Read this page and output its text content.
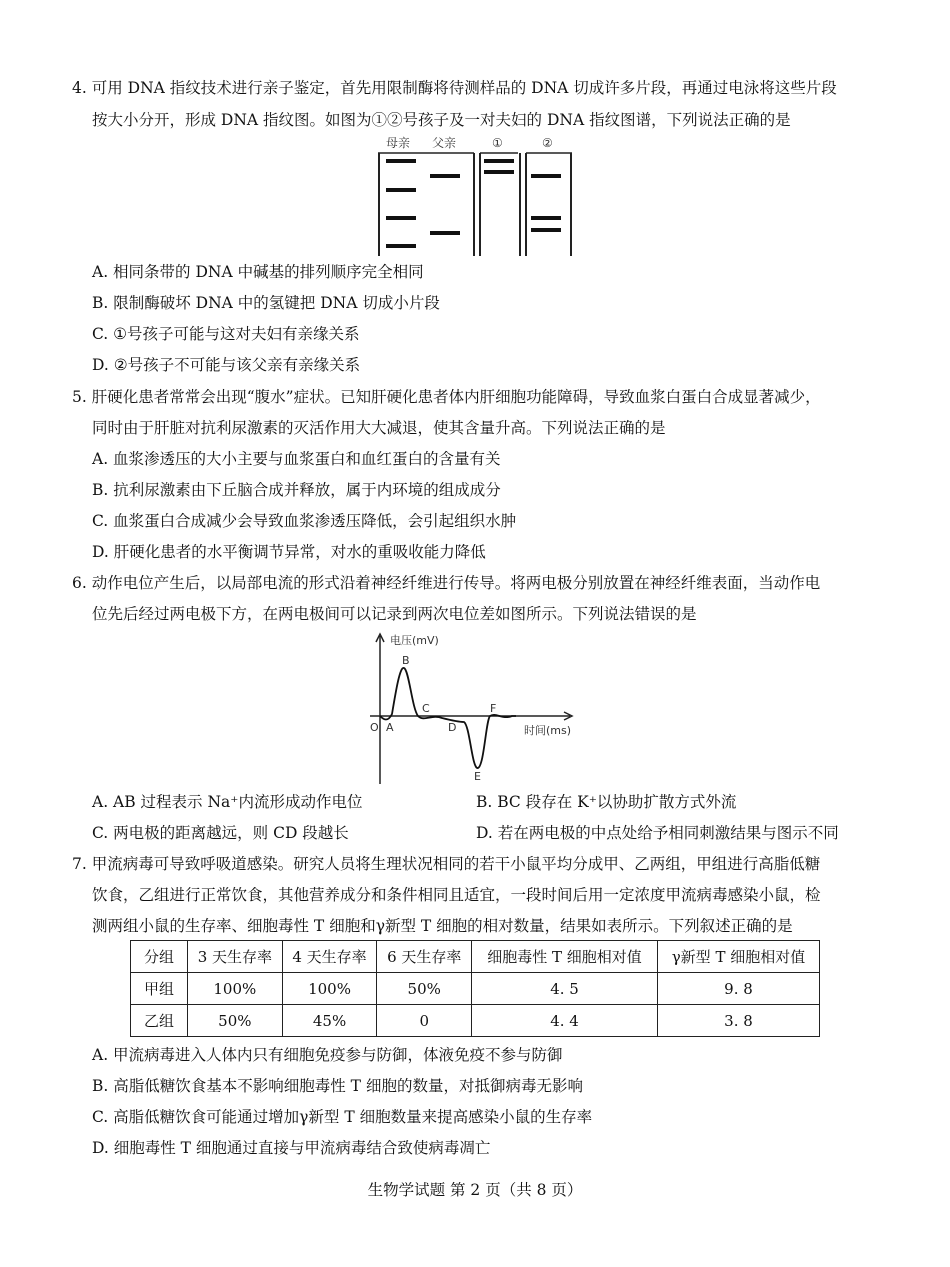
4. 可用 DNA 指纹技术进行亲子鉴定，首先用限制酶将待测样品的 DNA 切成许多片段，再通过电泳将这些片段
按大小分开，形成 DNA 指纹图。如图为①②号孩子及一对夫妇的 DNA 指纹图谱，下列说法正确的是
母亲 父亲	①	②
A. 相同条带的 DNA 中碱基的排列顺序完全相同
B. 限制酶破坏 DNA 中的氢键把 DNA 切成小片段
C. ①号孩子可能与这对夫妇有亲缘关系
D. ②号孩子不可能与该父亲有亲缘关系
5. 肝硬化患者常常会出现“腹水”症状。已知肝硬化患者体内肝细胞功能障碍，导致血浆白蛋白合成显著减少，
同时由于肝脏对抗利尿激素的灭活作用大大减退，使其含量升高。下列说法正确的是
A. 血浆渗透压的大小主要与血浆蛋白和血红蛋白的含量有关
B. 抗利尿激素由下丘脑合成并释放，属于内环境的组成成分
C. 血浆蛋白合成减少会导致血浆渗透压降低，会引起组织水肿
D. 肝硬化患者的水平衡调节异常，对水的重吸收能力降低
6. 动作电位产生后，以局部电流的形式沿着神经纤维进行传导。将两电极分别放置在神经纤维表面，当动作电
位先后经过两电极下方，在两电极间可以记录到两次电位差如图所示。下列说法错误的是
电压(mV)
时间(ms)
O A
B
C
D
E
F
A. AB 过程表示 Na⁺内流形成动作电位	B. BC 段存在 K⁺以协助扩散方式外流
C. 两电极的距离越远，则 CD 段越长	D. 若在两电极的中点处给予相同刺激结果与图示不同
7. 甲流病毒可导致呼吸道感染。研究人员将生理状况相同的若干小鼠平均分成甲、乙两组，甲组进行高脂低糖
饮食，乙组进行正常饮食，其他营养成分和条件相同且适宜，一段时间后用一定浓度甲流病毒感染小鼠，检
测两组小鼠的生存率、细胞毒性 T 细胞和γ新型 T 细胞的相对数量，结果如表所示。下列叙述正确的是
分组	3 天生存率	4 天生存率	6 天生存率	细胞毒性 T 细胞相对值	γ新型 T 细胞相对值
甲组	100%	100%	50%	4. 5	9. 8
乙组	50%	45%	0	4. 4	3. 8
A. 甲流病毒进入人体内只有细胞免疫参与防御，体液免疫不参与防御
B. 高脂低糖饮食基本不影响细胞毒性 T 细胞的数量，对抵御病毒无影响
C. 高脂低糖饮食可能通过增加γ新型 T 细胞数量来提高感染小鼠的生存率
D. 细胞毒性 T 细胞通过直接与甲流病毒结合致使病毒凋亡
生物学试题 第 2 页（共 8 页）
